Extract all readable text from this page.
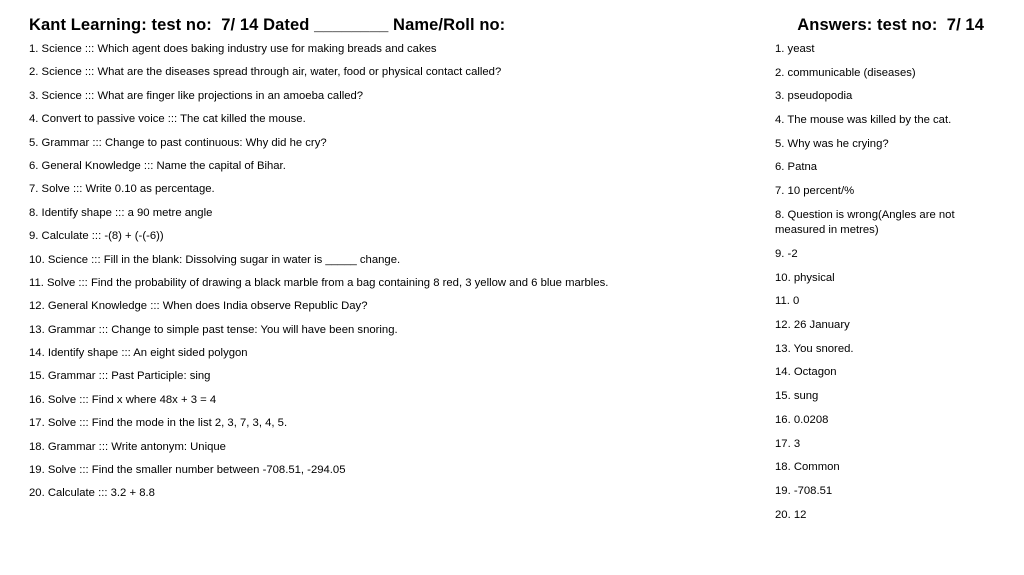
Kant Learning: test no:  7/ 14 Dated ________ Name/Roll no:	Answers: test no:  7/ 14
1. Science ::: Which agent does baking industry use for making breads and cakes
2. Science ::: What are the diseases spread through air, water, food or physical contact called?
3. Science ::: What are finger like projections in an amoeba called?
4. Convert to passive voice ::: The cat killed the mouse.
5. Grammar ::: Change to past continuous: Why did he cry?
6. General Knowledge ::: Name the capital of Bihar.
7. Solve ::: Write 0.10 as percentage.
8. Identify shape ::: a 90 metre angle
9. Calculate ::: -(8) + (-(-6))
10. Science ::: Fill in the blank: Dissolving sugar in water is _____ change.
11. Solve ::: Find the probability of drawing a black marble from a bag containing 8 red, 3 yellow and 6 blue marbles.
12. General Knowledge ::: When does India observe Republic Day?
13. Grammar ::: Change to simple past tense: You will have been snoring.
14. Identify shape ::: An eight sided polygon
15. Grammar ::: Past Participle: sing
16. Solve ::: Find x where 48x + 3 = 4
17. Solve ::: Find the mode in the list 2, 3, 7, 3, 4, 5.
18. Grammar ::: Write antonym: Unique
19. Solve ::: Find the smaller number between -708.51, -294.05
20. Calculate ::: 3.2 + 8.8
1. yeast
2. communicable (diseases)
3. pseudopodia
4. The mouse was killed by the cat.
5. Why was he crying?
6. Patna
7. 10 percent/%
8. Question is wrong(Angles are not measured in metres)
9. -2
10. physical
11. 0
12. 26 January
13. You snored.
14. Octagon
15. sung
16. 0.0208
17. 3
18. Common
19. -708.51
20. 12
